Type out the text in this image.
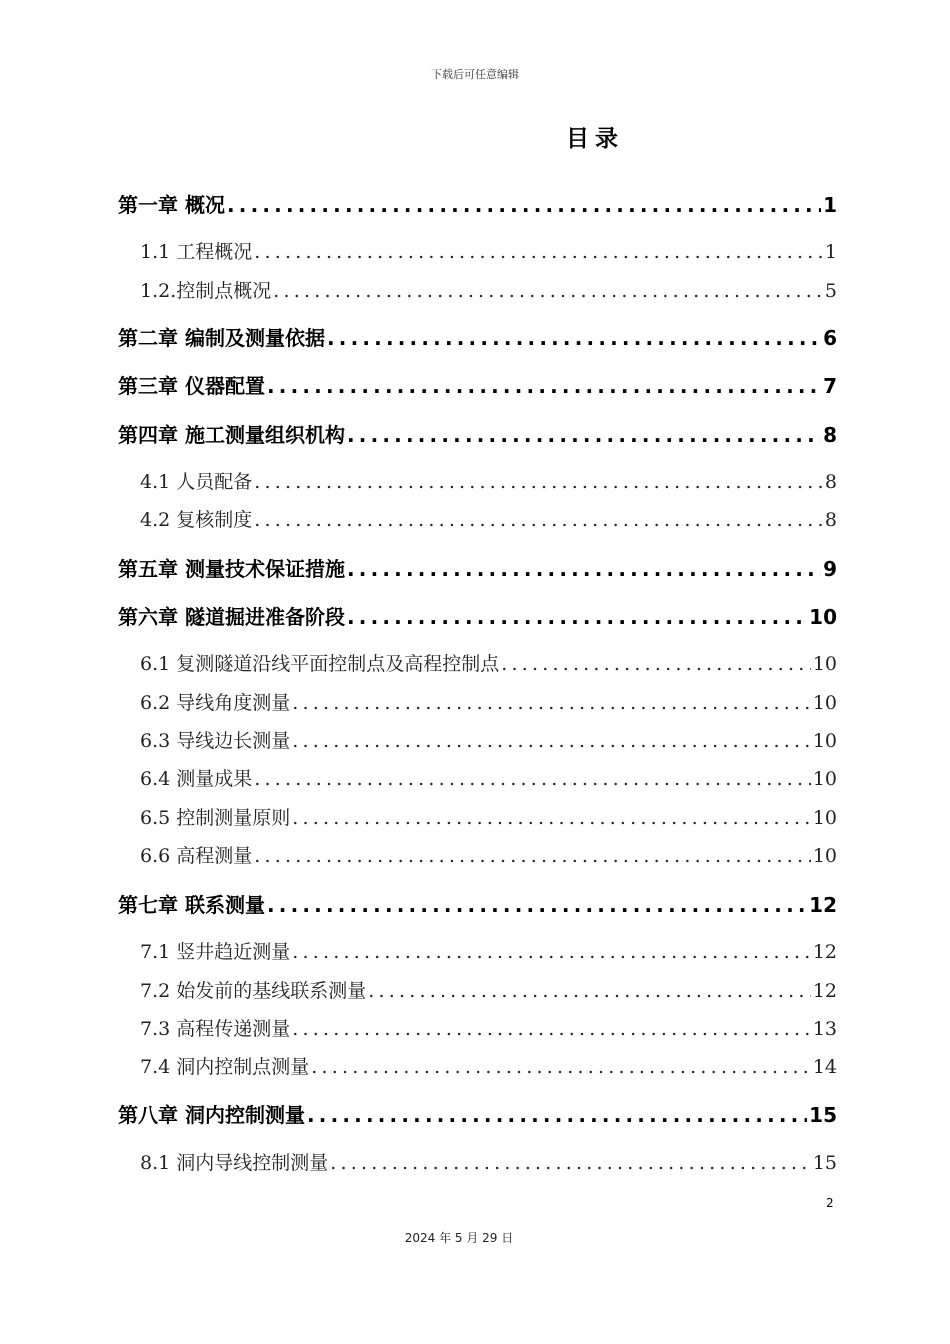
下载后可任意编辑
目录
第一章 概况 .....	1
1.1 工程概况 .....	1
1.2.控制点概况 .....	5
第二章 编制及测量依据 .....	6
第三章 仪器配置 .....	7
第四章 施工测量组织机构 .....	8
4.1 人员配备 .....	8
4.2 复核制度 .....	8
第五章 测量技术保证措施 .....	9
第六章 隧道掘进准备阶段 .....	10
6.1 复测隧道沿线平面控制点及高程控制点 .....	10
6.2 导线角度测量 .....	10
6.3 导线边长测量 .....	10
6.4 测量成果 .....	10
6.5 控制测量原则 .....	10
6.6 高程测量 .....	10
第七章 联系测量 .....	12
7.1 竖井趋近测量 .....	12
7.2 始发前的基线联系测量 .....	12
7.3 高程传递测量 .....	13
7.4 洞内控制点测量 .....	14
第八章 洞内控制测量 .....	15
8.1 洞内导线控制测量 .....	15
2
2024 年 5 月 29 日
